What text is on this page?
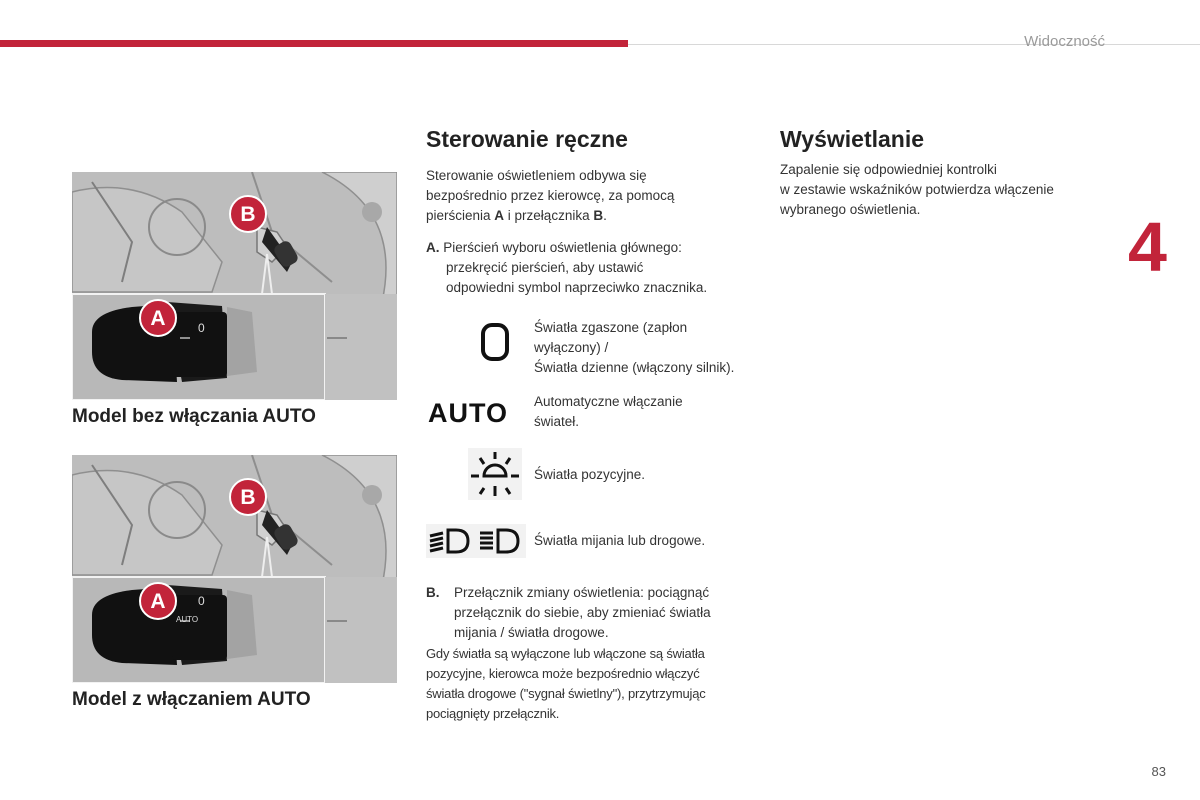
Widoczność
4
A
B
0
Model bez włączania AUTO
A
B
0
AUTO
Model z włączaniem AUTO
Sterowanie ręczne
Sterowanie oświetleniem odbywa się
bezpośrednio przez kierowcę, za pomocą
pierścienia A i przełącznika B.
A. Pierścień wyboru oświetlenia głównego:
przekręcić pierścień, aby ustawić
odpowiedni symbol naprzeciwko znacznika.
Światła zgaszone (zapłon
wyłączony) /
Światła dzienne (włączony silnik).
AUTO Automatyczne włączanie
świateł.
Światła pozycyjne.
Światła mijania lub drogowe.
B. Przełącznik zmiany oświetlenia: pociągnąć
przełącznik do siebie, aby zmieniać światła
mijania / światła drogowe.
Gdy światła są wyłączone lub włączone są światła
pozycyjne, kierowca może bezpośrednio włączyć
światła drogowe ("sygnał świetlny"), przytrzymując
pociągnięty przełącznik.
Wyświetlanie
Zapalenie się odpowiedniej kontrolki
w zestawie wskaźników potwierdza włączenie
wybranego oświetlenia.
83
